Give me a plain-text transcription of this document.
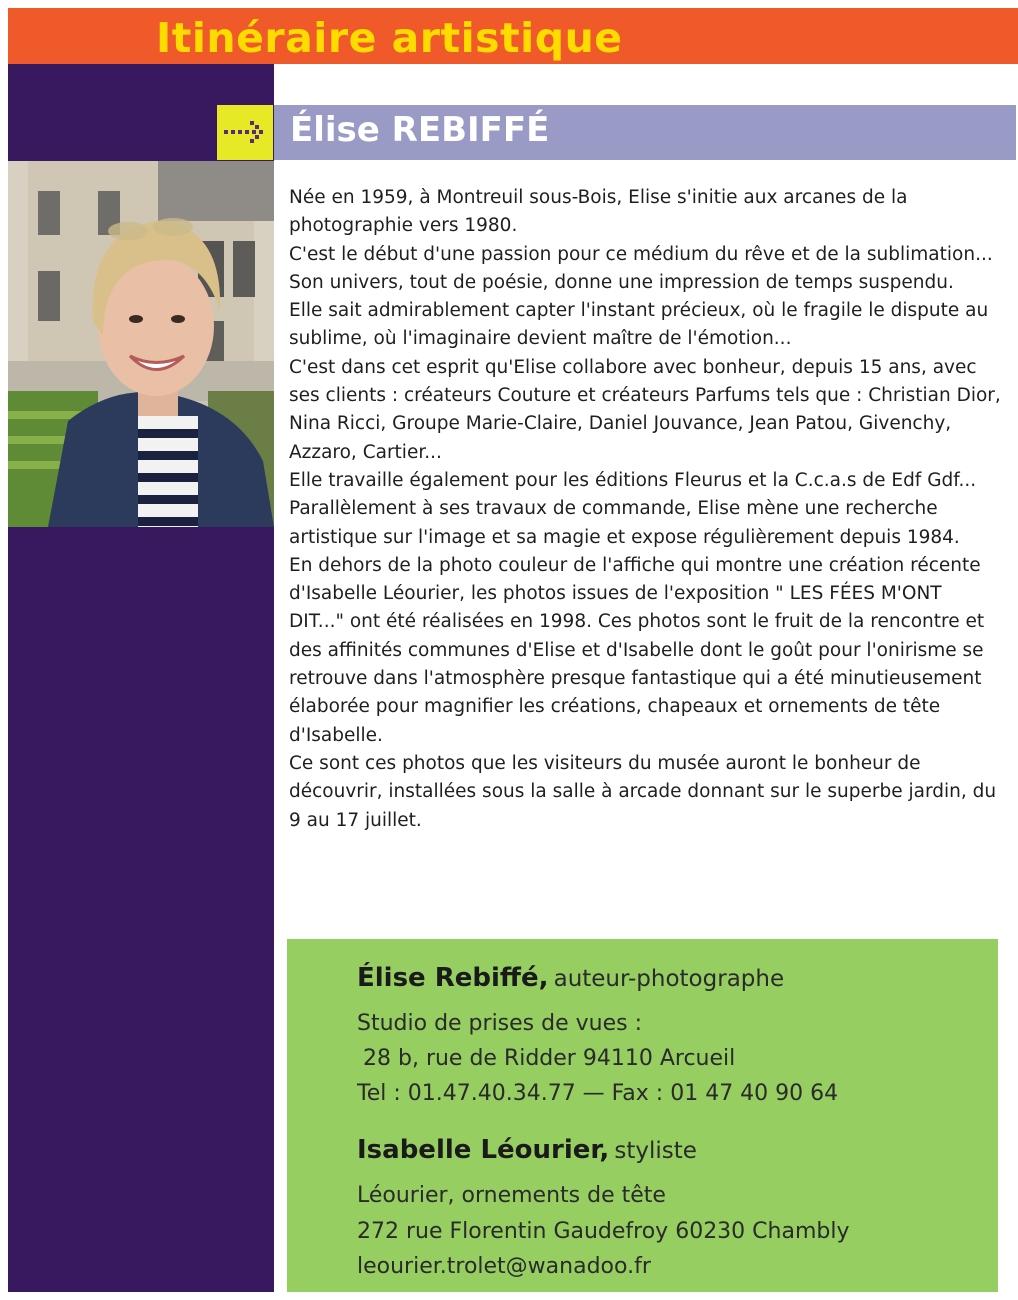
Itinéraire artistique
Élise REBIFFÉ

Née en 1959, à Montreuil sous-Bois, Elise s'initie aux arcanes de la photographie vers 1980.

C'est le début d'une passion pour ce médium du rêve et de la sublimation... Son univers, tout de poésie, donne une impression de temps suspendu.

Elle sait admirablement capter l'instant précieux, où le fragile le dispute au sublime, où l'imaginaire devient maître de l'émotion...

C'est dans cet esprit qu'Elise collabore avec bonheur, depuis 15 ans, avec ses clients : créateurs Couture et créateurs Parfums tels que : Christian Dior, Nina Ricci, Groupe Marie-Claire, Daniel Jouvance, Jean Patou, Givenchy, Azzaro, Cartier...

Elle travaille également pour les éditions Fleurus et la C.c.a.s de Edf Gdf...

Parallèlement à ses travaux de commande, Elise mène une recherche artistique sur l'image et sa magie et expose régulièrement depuis 1984.

En dehors de la photo couleur de l'affiche qui montre une création récente d'Isabelle Léourier, les photos issues de l'exposition " LES FÉES M'ONT DIT..." ont été réalisées en 1998. Ces photos sont le fruit de la rencontre et des affinités communes d'Elise et d'Isabelle dont le goût pour l'onirisme se retrouve dans l'atmosphère presque fantastique qui a été minutieusement élaborée pour magnifier les créations, chapeaux et ornements de tête d'Isabelle.

Ce sont ces photos que les visiteurs du musée auront le bonheur de découvrir, installées sous la salle à arcade donnant sur le superbe jardin, du 9 au 17 juillet.

Élise Rebiffé, auteur-photographe
Studio de prises de vues :
28 b, rue de Ridder 94110 Arcueil
Tel : 01.47.40.34.77 — Fax : 01 47 40 90 64
Isabelle Léourier, styliste
Léourier, ornements de tête
272 rue Florentin Gaudefroy 60230 Chambly
leourier.trolet@wanadoo.fr
